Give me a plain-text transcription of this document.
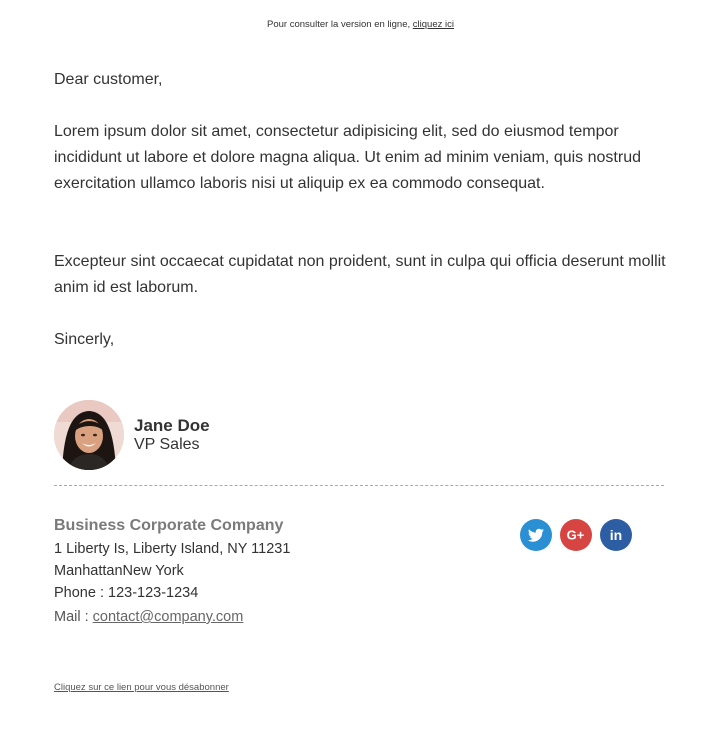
Pour consulter la version en ligne, cliquez ici
Dear customer,
Lorem ipsum dolor sit amet, consectetur adipisicing elit, sed do eiusmod tempor incididunt ut labore et dolore magna aliqua. Ut enim ad minim veniam, quis nostrud exercitation ullamco laboris nisi ut aliquip ex ea commodo consequat.
Excepteur sint occaecat cupidatat non proident, sunt in culpa qui officia deserunt mollit anim id est laborum.
Sincerly,
Jane Doe
VP Sales
Business Corporate Company
1 Liberty Is, Liberty Island, NY 11231
ManhattanNew York
Phone : 123-123-1234
Mail : contact@company.com
G+ in
Cliquez sur ce lien pour vous désabonner
